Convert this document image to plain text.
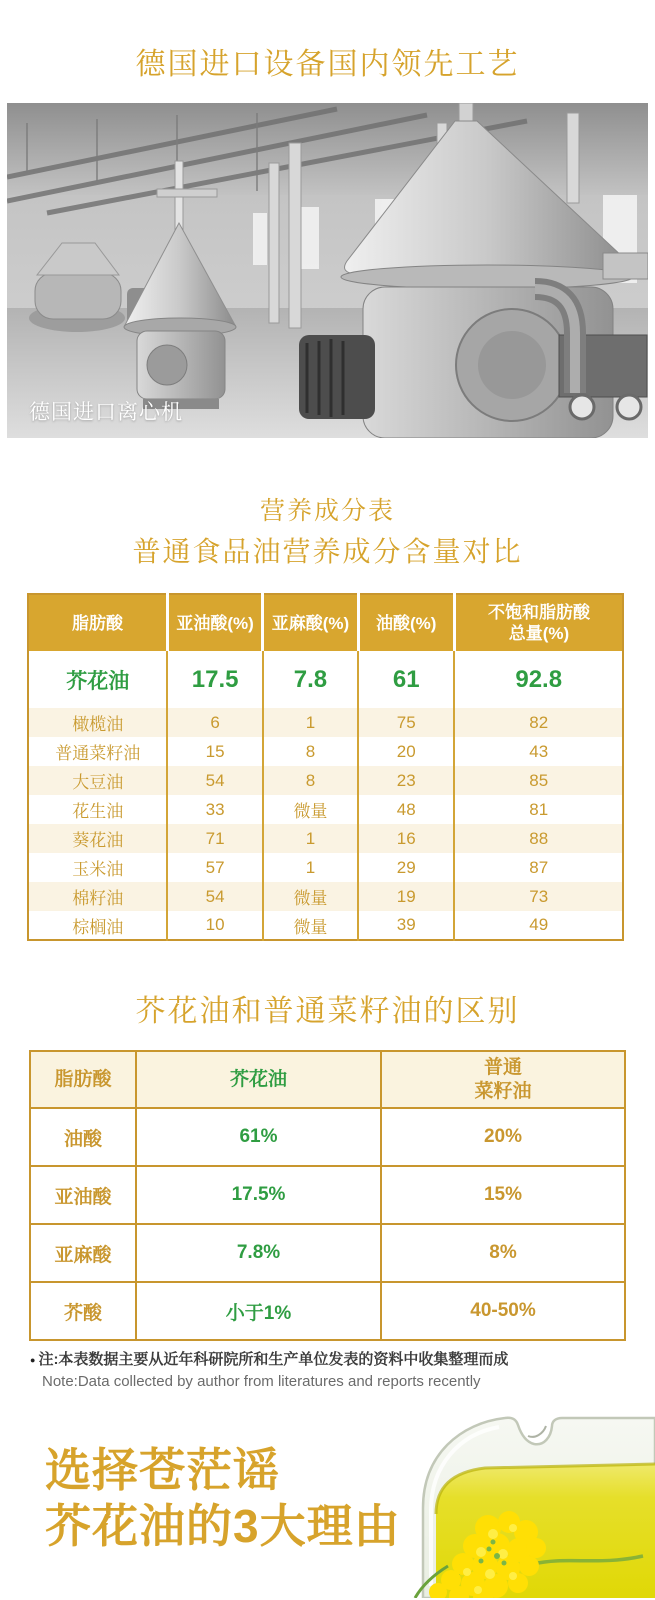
德国进口设备国内领先工艺
德国进口离心机
营养成分表
普通食品油营养成分含量对比
脂肪酸	亚油酸(%)	亚麻酸(%)	油酸(%)	不饱和脂肪酸
总量(%)

芥花油	17.5	7.8	61	92.8
橄榄油	6	1	75	82
普通菜籽油	15	8	20	43
大豆油	54	8	23	85
花生油	33	微量	48	81
葵花油	71	1	16	88
玉米油	57	1	29	87
棉籽油	54	微量	19	73
棕榈油	10	微量	39	49
芥花油和普通菜籽油的区别
脂肪酸	芥花油	普通
菜籽油

油酸	61%	20%
亚油酸	17.5%	15%
亚麻酸	7.8%	8%
芥酸	小于1%	40-50%
● 注:本表数据主要从近年科研院所和生产单位发表的资料中收集整理而成
Note:Data collected by author from literatures and reports recently
选择苍茫谣
芥花油的3大理由
